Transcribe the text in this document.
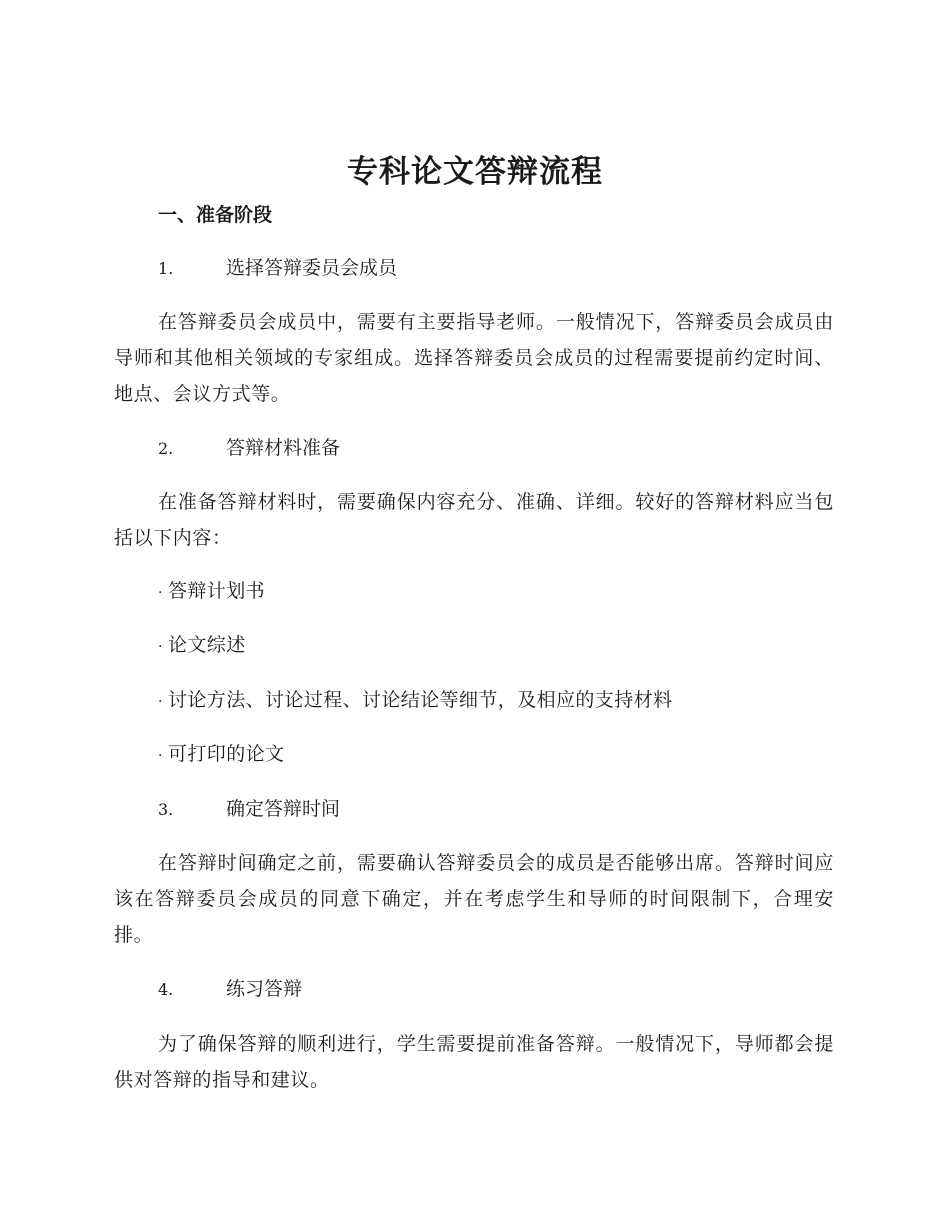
专科论文答辩流程
一、准备阶段
1.	选择答辩委员会成员
在答辩委员会成员中，需要有主要指导老师。一般情况下，答辩委员会成员由导师和其他相关领域的专家组成。选择答辩委员会成员的过程需要提前约定时间、地点、会议方式等。
2.	答辩材料准备
在准备答辩材料时，需要确保内容充分、准确、详细。较好的答辩材料应当包括以下内容：
· 答辩计划书
· 论文综述
· 讨论方法、讨论过程、讨论结论等细节，及相应的支持材料
· 可打印的论文
3.	确定答辩时间
在答辩时间确定之前，需要确认答辩委员会的成员是否能够出席。答辩时间应该在答辩委员会成员的同意下确定，并在考虑学生和导师的时间限制下，合理安排。
4.	练习答辩
为了确保答辩的顺利进行，学生需要提前准备答辩。一般情况下，导师都会提供对答辩的指导和建议。
